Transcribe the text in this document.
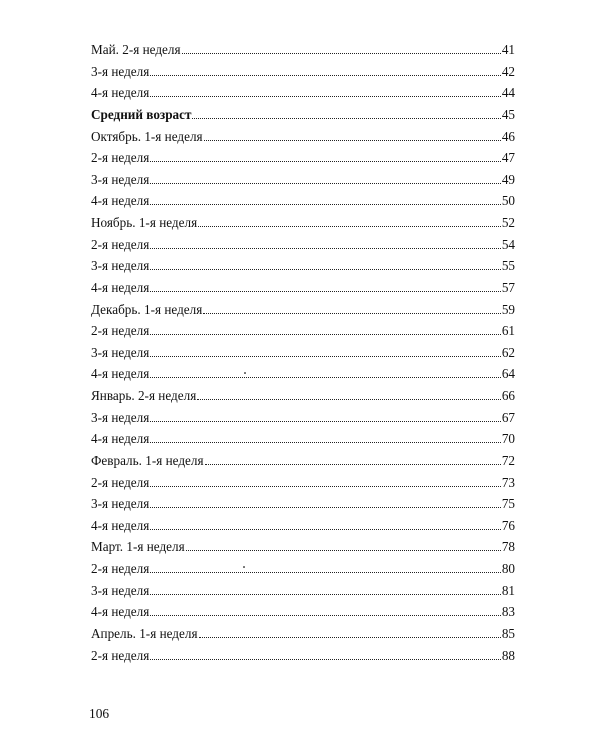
Май. 2-я неделя	41
3-я неделя	42
4-я неделя	44
Средний возраст	45
Октябрь. 1-я неделя	46
2-я неделя	47
3-я неделя	49
4-я неделя	50
Ноябрь. 1-я неделя	52
2-я неделя	54
3-я неделя	55
4-я неделя	57
Декабрь. 1-я неделя	59
2-я неделя	61
3-я неделя	62
4-я неделя	64
Январь. 2-я неделя	66
3-я неделя	67
4-я неделя	70
Февраль. 1-я неделя	72
2-я неделя	73
3-я неделя	75
4-я неделя	76
Март. 1-я неделя	78
2-я неделя	80
3-я неделя	81
4-я неделя	83
Апрель. 1-я неделя	85
2-я неделя	88
106
